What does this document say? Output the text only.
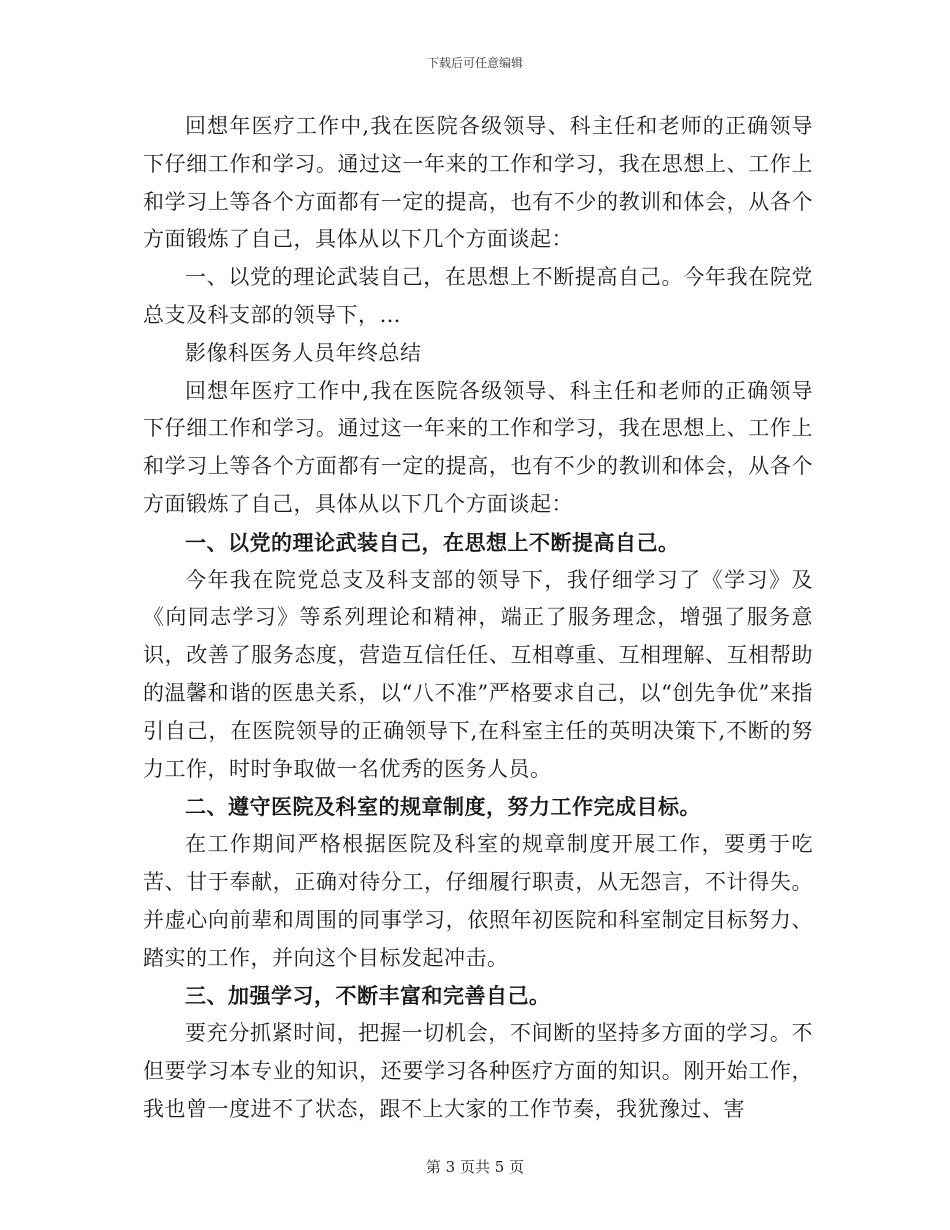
下载后可任意编辑

回想年医疗工作中,我在医院各级领导、科主任和老师的正确领导下仔细工作和学习。通过这一年来的工作和学习，我在思想上、工作上和学习上等各个方面都有一定的提高，也有不少的教训和体会，从各个方面锻炼了自己，具体从以下几个方面谈起：

一、以党的理论武装自己，在思想上不断提高自己。今年我在院党总支及科支部的领导下，…

影像科医务人员年终总结

回想年医疗工作中,我在医院各级领导、科主任和老师的正确领导下仔细工作和学习。通过这一年来的工作和学习，我在思想上、工作上和学习上等各个方面都有一定的提高，也有不少的教训和体会，从各个方面锻炼了自己，具体从以下几个方面谈起：

一、以党的理论武装自己，在思想上不断提高自己。

今年我在院党总支及科支部的领导下，我仔细学习了《学习》及《向同志学习》等系列理论和精神，端正了服务理念，增强了服务意识，改善了服务态度，营造互信任任、互相尊重、互相理解、互相帮助的温馨和谐的医患关系，以“八不准”严格要求自己，以“创先争优”来指引自己，在医院领导的正确领导下,在科室主任的英明决策下,不断的努力工作，时时争取做一名优秀的医务人员。

二、遵守医院及科室的规章制度，努力工作完成目标。

在工作期间严格根据医院及科室的规章制度开展工作，要勇于吃苦、甘于奉献，正确对待分工，仔细履行职责，从无怨言，不计得失。并虚心向前辈和周围的同事学习，依照年初医院和科室制定目标努力、踏实的工作，并向这个目标发起冲击。

三、加强学习，不断丰富和完善自己。

要充分抓紧时间，把握一切机会，不间断的坚持多方面的学习。不但要学习本专业的知识，还要学习各种医疗方面的知识。刚开始工作，我也曾一度进不了状态，跟不上大家的工作节奏，我犹豫过、害

第 3 页共 5 页
